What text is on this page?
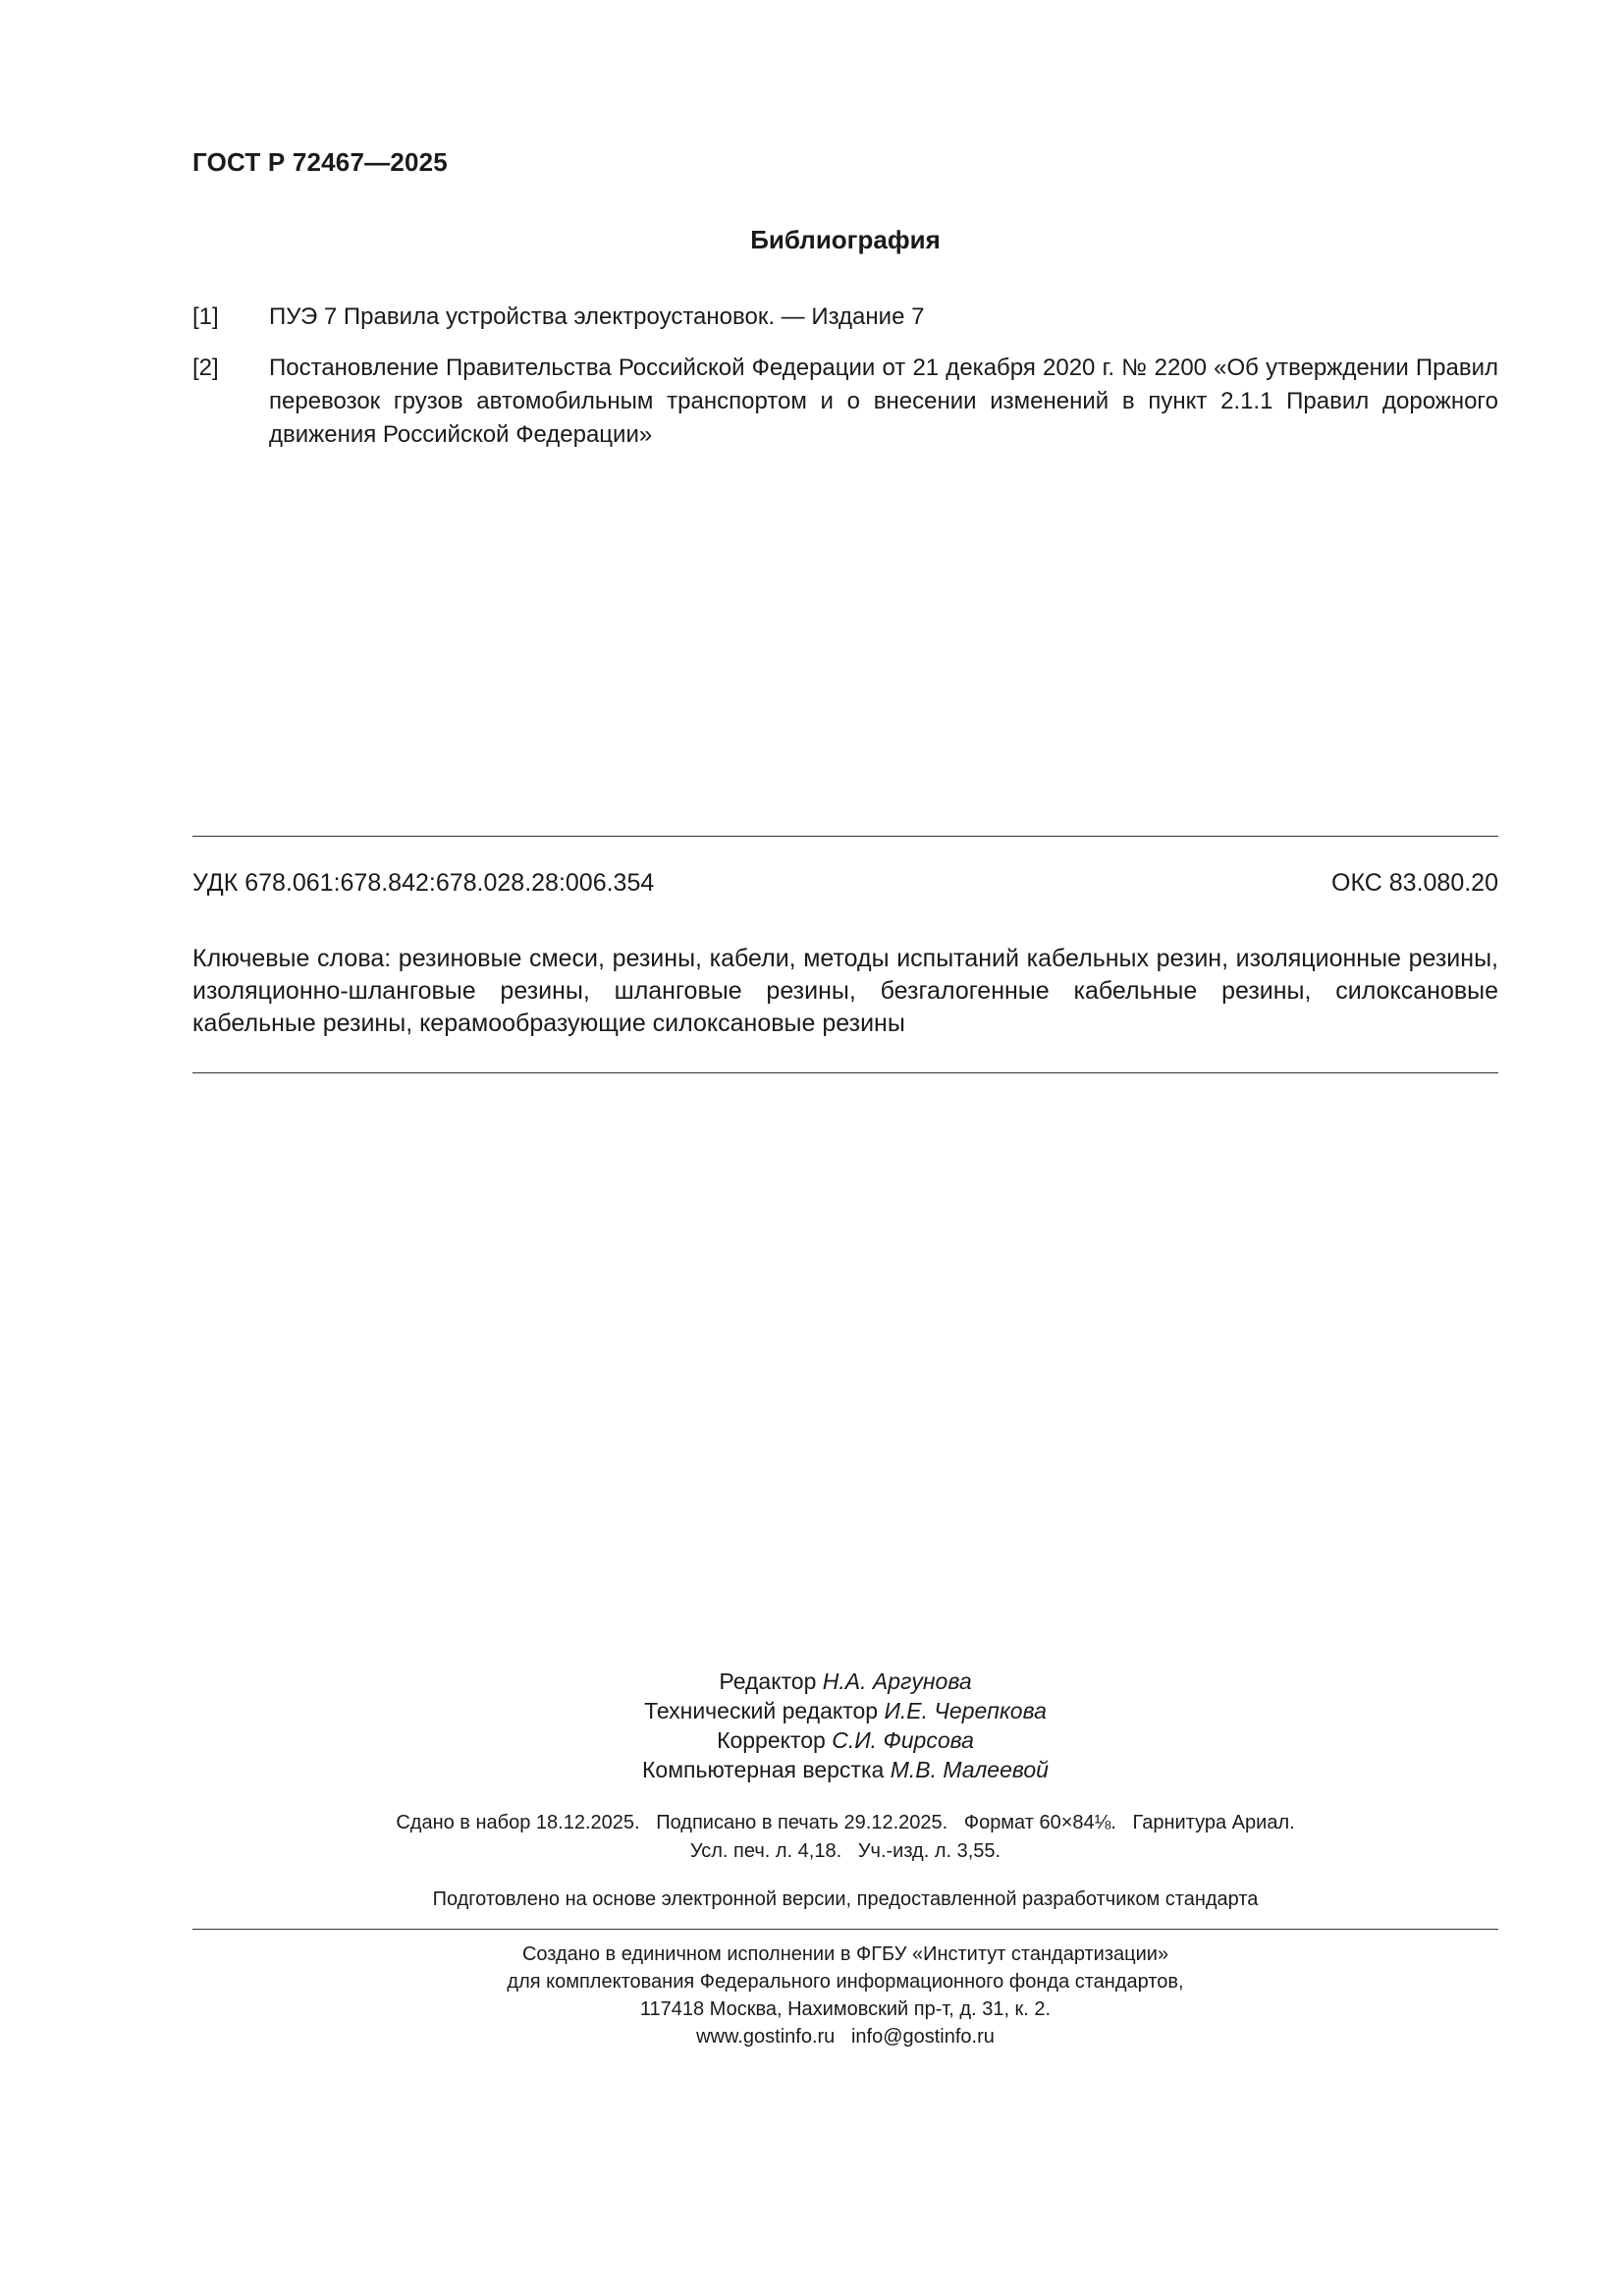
ГОСТ Р 72467—2025
Библиография
[1]	ПУЭ 7 Правила устройства электроустановок. — Издание 7
[2]	Постановление Правительства Российской Федерации от 21 декабря 2020 г. № 2200 «Об утверждении Правил перевозок грузов автомобильным транспортом и о внесении изменений в пункт 2.1.1 Правил дорожного движения Российской Федерации»
УДК 678.061:678.842:678.028.28:006.354	ОКС 83.080.20
Ключевые слова: резиновые смеси, резины, кабели, методы испытаний кабельных резин, изоляционные резины, изоляционно-шланговые резины, шланговые резины, безгалогенные кабельные резины, силоксановые кабельные резины, керамообразующие силоксановые резины
Редактор Н.А. Аргунова
Технический редактор И.Е. Черепкова
Корректор С.И. Фирсова
Компьютерная верстка М.В. Малеевой
Сдано в набор 18.12.2025. Подписано в печать 29.12.2025. Формат 60×84⅛. Гарнитура Ариал.
Усл. печ. л. 4,18. Уч.-изд. л. 3,55.
Подготовлено на основе электронной версии, предоставленной разработчиком стандарта
Создано в единичном исполнении в ФГБУ «Институт стандартизации»
для комплектования Федерального информационного фонда стандартов,
117418 Москва, Нахимовский пр-т, д. 31, к. 2.
www.gostinfo.ru info@gostinfo.ru
